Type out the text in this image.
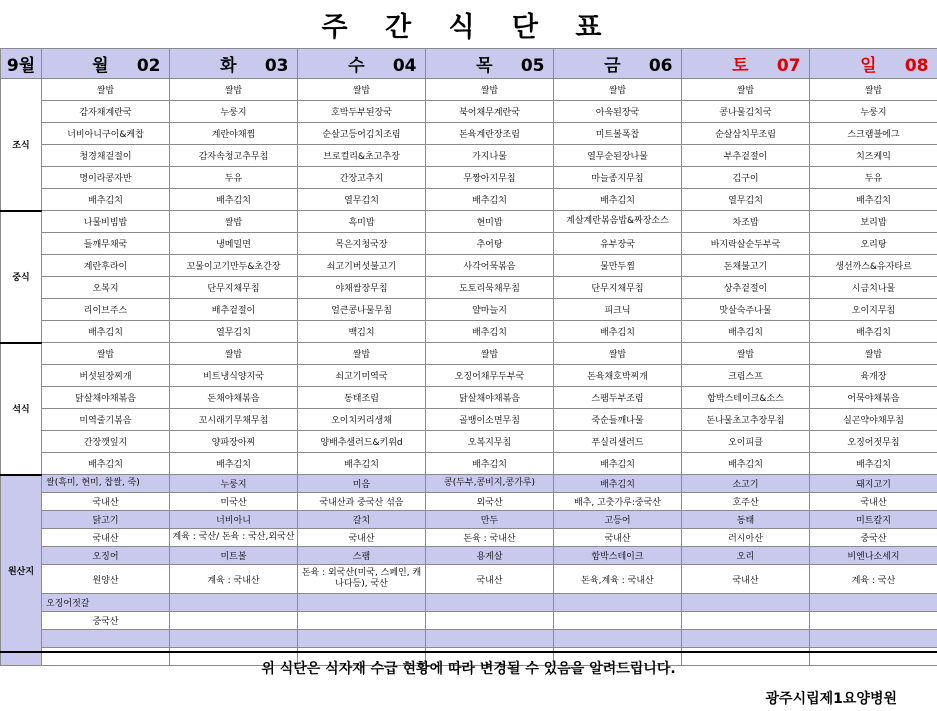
주 간 식 단 표
9월	월 02	화 03	수 04	목 05	금 06	토 07	일 08
조식	쌀밥	쌀밥	쌀밥	쌀밥	쌀밥	쌀밥	쌀밥
	감자채계란국	누룽지	호박두부된장국	북어채무계란국	아욱된장국	콩나물김치국	누룽지
	너비아니구이&케찹	계란야채찜	순살고등어김치조림	돈육계란장조림	미트볼폭찹	순살삼치무조림	스크램블에그
	청경채겉절이	감자속청고추무침	브로컬리&초고추장	가지나물	열무순된장나물	부추겉절이	치즈케익
	명이라콩자반	두유	간장고추지	무짱아지무침	마늘종지무침	김구이	두유
	배추김치	배추김치	열무김치	배추김치	배추김치	열무김치	배추김치
중식	나물비빔밥	쌀밥	흑미밥	현미밥	계살계란볶음밥&짜장소스	차조밥	보리밥
	들깨무채국	냉메밀면	목은지청국장	추어탕	유부장국	바지락살순두부국	오리탕
	계란후라이	꼬물이고기만두&초간장	쇠고기버섯불고기	사각어묵볶음	물만두찜	돈채불고기	생선까스&유자타르
	오복지	단무지채무침	야채쌈장무침	도토리묵채무침	단무지채무침	상추겉절이	시금치나물
	리이브주스	배추겉절이	얼큰콩나물무침	얄마늘지	피크닉	맛살숙주나물	오이지무침
	배추김치	열무김치	백김치	배추김치	배추김치	배추김치	배추김치
석식	쌀밥	쌀밥	쌀밥	쌀밥	쌀밥	쌀밥	쌀밥
	버섯된장찌개	비트냉식양지국	쇠고기미역국	오징어채무두부국	돈육채호박찌개	크림스프	육개장
	닭살채야채볶음	돈채야채볶음	동태조림	닭살채야채볶음	스팸두부조림	함박스테이크&소스	어묵야채볶음
	미역줄기볶음	꼬시래기무채무침	오이치커리생채	골뱅이소면무침	죽순들깨나물	돈나물초고추장무침	실곤약야채무침
	간장깻잎지	양파장아찌	양배추샐러드&키위d	오복지무침	푸실리샐러드	오이피클	오징어젓무침
	배추김치	배추김치	배추김치	배추김치	배추김치	배추김치	배추김치
원산지	쌀(흑미, 현미, 찹쌀, 죽)	누룽지	미음	콩(두부,콩비지,콩가루)	배추김치	소고기	돼지고기
	국내산	미국산	국내산과 중국산 섞음	외국산	배추, 고춧가루:중국산	호주산	국내산
	닭고기	너비아니	갈치	만두	고등어	동태	미트칼지
	국내산	계육 : 국산/ 돈육 : 국산,외국산	국내산	돈육 : 국내산	국내산	러시아산	중국산
	오징어	미트볼	스팸	용게살	함박스테이크	오리	비엔나소세지
	원양산	계육 : 국내산	돈육 : 외국산(미국, 스페인, 캐나다등), 국산	국내산	돈육,계육 : 국내산	국내산	계육 : 국산
	오징어젓갈						
	중국산						

위 식단은 식자재 수급 현황에 따라 변경될 수 있음을 알려드립니다.
광주시립제1요양병원
